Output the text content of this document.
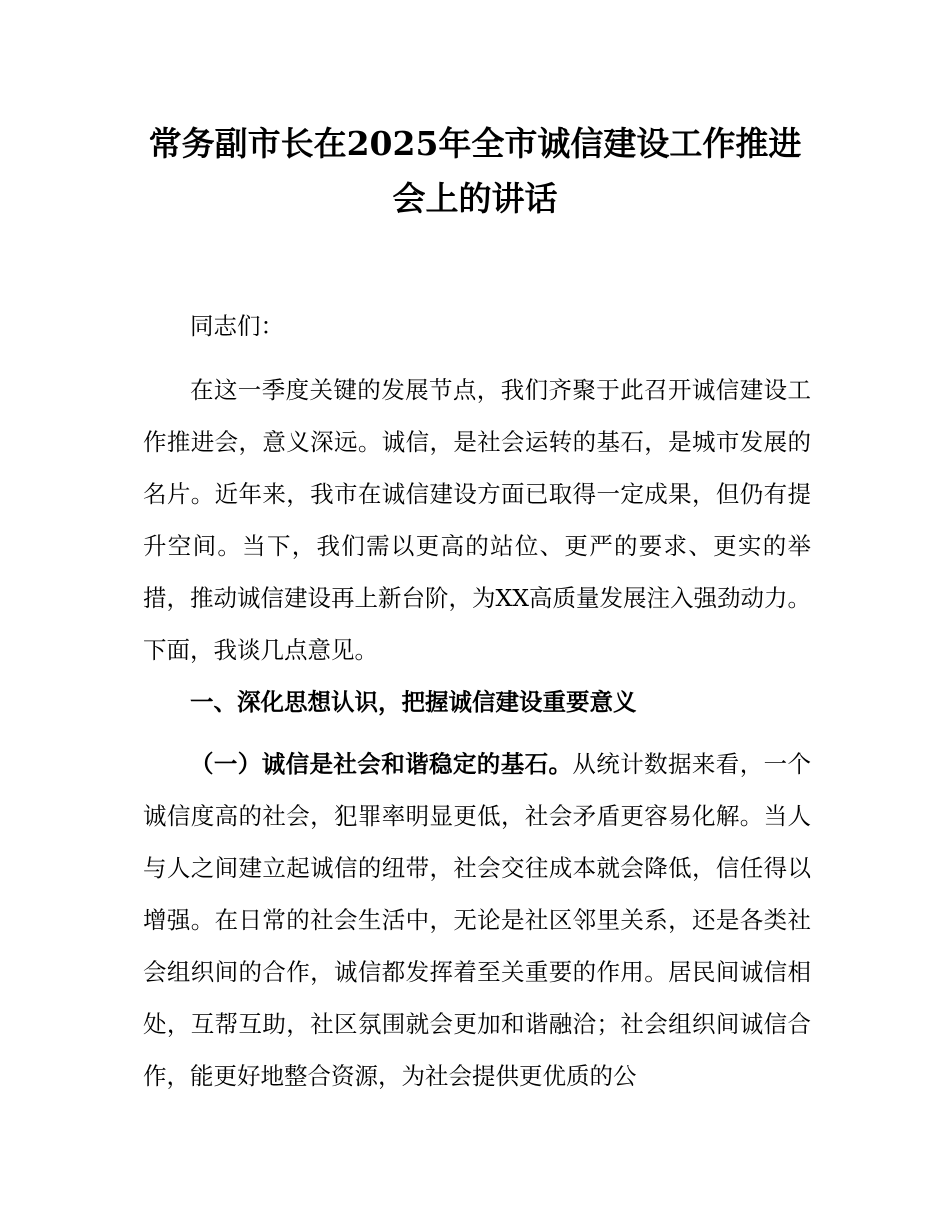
常务副市长在2025年全市诚信建设工作推进会上的讲话

同志们：

在这一季度关键的发展节点，我们齐聚于此召开诚信建设工作推进会，意义深远。诚信，是社会运转的基石，是城市发展的名片。近年来，我市在诚信建设方面已取得一定成果，但仍有提升空间。当下，我们需以更高的站位、更严的要求、更实的举措，推动诚信建设再上新台阶，为XX高质量发展注入强劲动力。下面，我谈几点意见。

一、深化思想认识，把握诚信建设重要意义

（一）诚信是社会和谐稳定的基石。从统计数据来看，一个诚信度高的社会，犯罪率明显更低，社会矛盾更容易化解。当人与人之间建立起诚信的纽带，社会交往成本就会降低，信任得以增强。在日常的社会生活中，无论是社区邻里关系，还是各类社会组织间的合作，诚信都发挥着至关重要的作用。居民间诚信相处，互帮互助，社区氛围就会更加和谐融洽；社会组织间诚信合作，能更好地整合资源，为社会提供更优质的公
